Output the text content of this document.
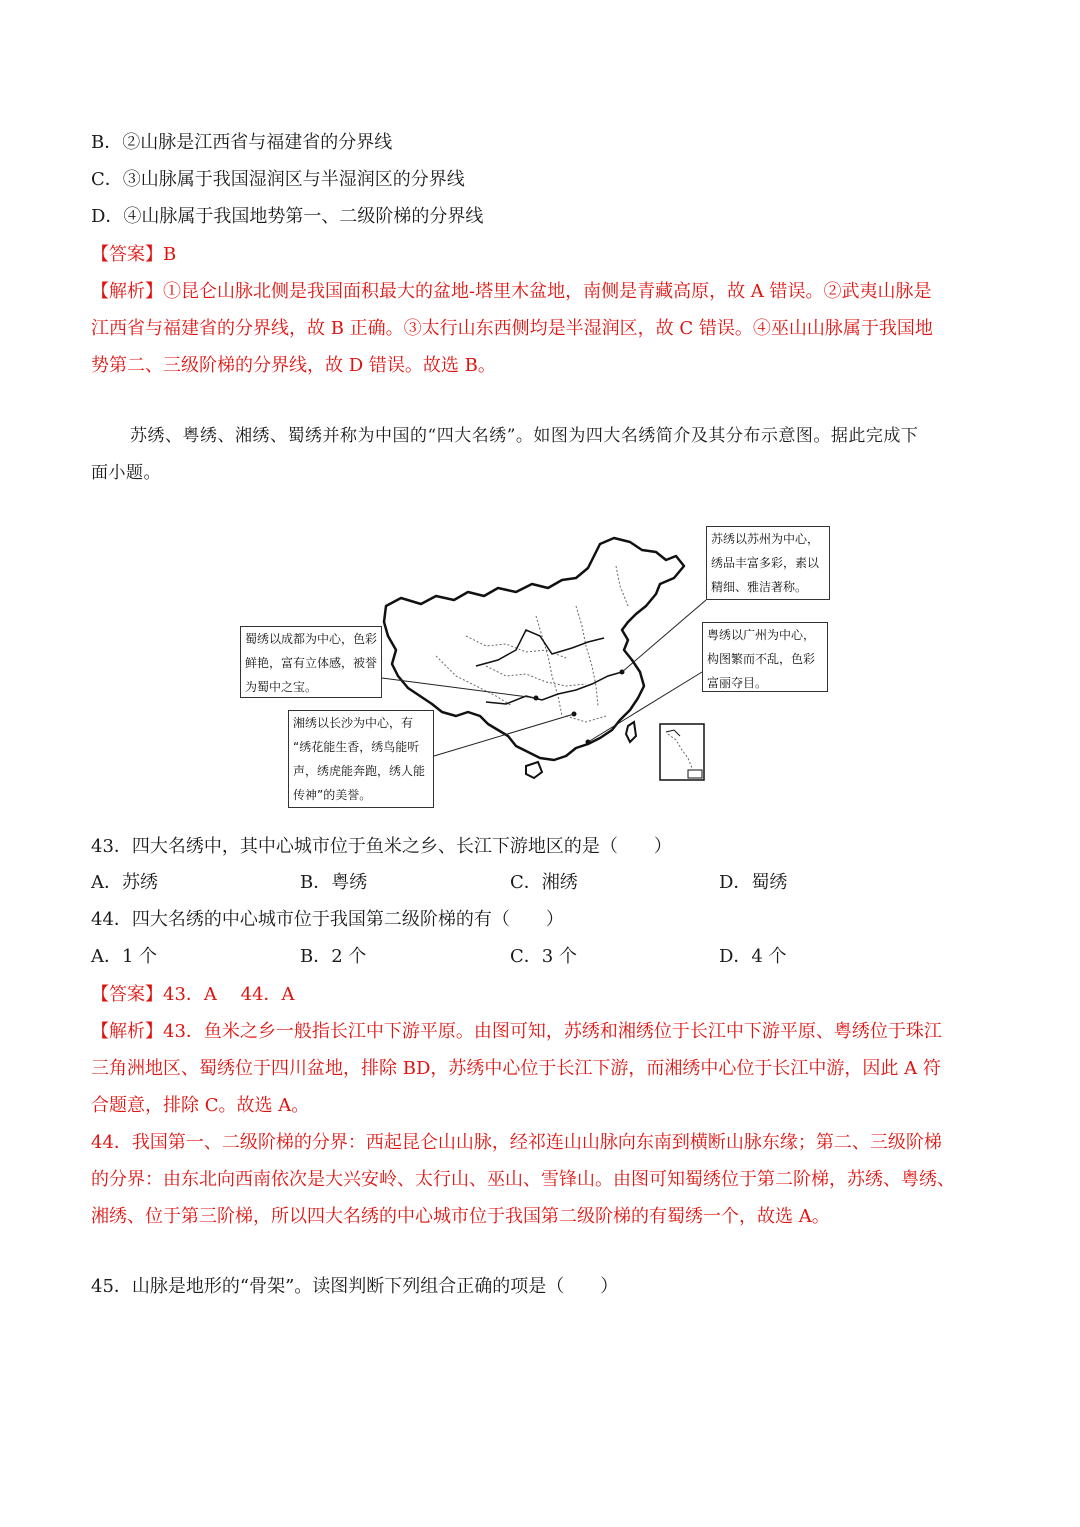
B．②山脉是江西省与福建省的分界线
C．③山脉属于我国湿润区与半湿润区的分界线
D．④山脉属于我国地势第一、二级阶梯的分界线
【答案】B
【解析】①昆仑山脉北侧是我国面积最大的盆地-塔里木盆地，南侧是青藏高原，故 A 错误。②武夷山脉是
江西省与福建省的分界线，故 B 正确。③太行山东西侧均是半湿润区，故 C 错误。④巫山山脉属于我国地
势第二、三级阶梯的分界线，故 D 错误。故选 B。
苏绣、粤绣、湘绣、蜀绣并称为中国的“四大名绣”。如图为四大名绣简介及其分布示意图。据此完成下
面小题。
苏绣以苏州为中心，
绣品丰富多彩，素以
精细、雅洁著称。
粤绣以广州为中心，
构图繁而不乱，色彩
富丽夺目。
蜀绣以成都为中心，色彩
鲜艳，富有立体感，被誉
为蜀中之宝。
湘绣以长沙为中心，有
“绣花能生香，绣鸟能听
声，绣虎能奔跑，绣人能
传神”的美誉。
43．四大名绣中，其中心城市位于鱼米之乡、长江下游地区的是（　　）
A．苏绣	B．粤绣	C．湘绣	D．蜀绣
44．四大名绣的中心城市位于我国第二级阶梯的有（　　）
A．1 个	B．2 个	C．3 个	D．4 个
【答案】43．A　 44．A
【解析】43．鱼米之乡一般指长江中下游平原。由图可知，苏绣和湘绣位于长江中下游平原、粤绣位于珠江
三角洲地区、蜀绣位于四川盆地，排除 BD，苏绣中心位于长江下游，而湘绣中心位于长江中游，因此 A 符
合题意，排除 C。故选 A。
44．我国第一、二级阶梯的分界：西起昆仑山山脉，经祁连山山脉向东南到横断山脉东缘；第二、三级阶梯
的分界：由东北向西南依次是大兴安岭、太行山、巫山、雪锋山。由图可知蜀绣位于第二阶梯，苏绣、粤绣、
湘绣、位于第三阶梯，所以四大名绣的中心城市位于我国第二级阶梯的有蜀绣一个，故选 A。
45．山脉是地形的“骨架”。读图判断下列组合正确的项是（　　）
